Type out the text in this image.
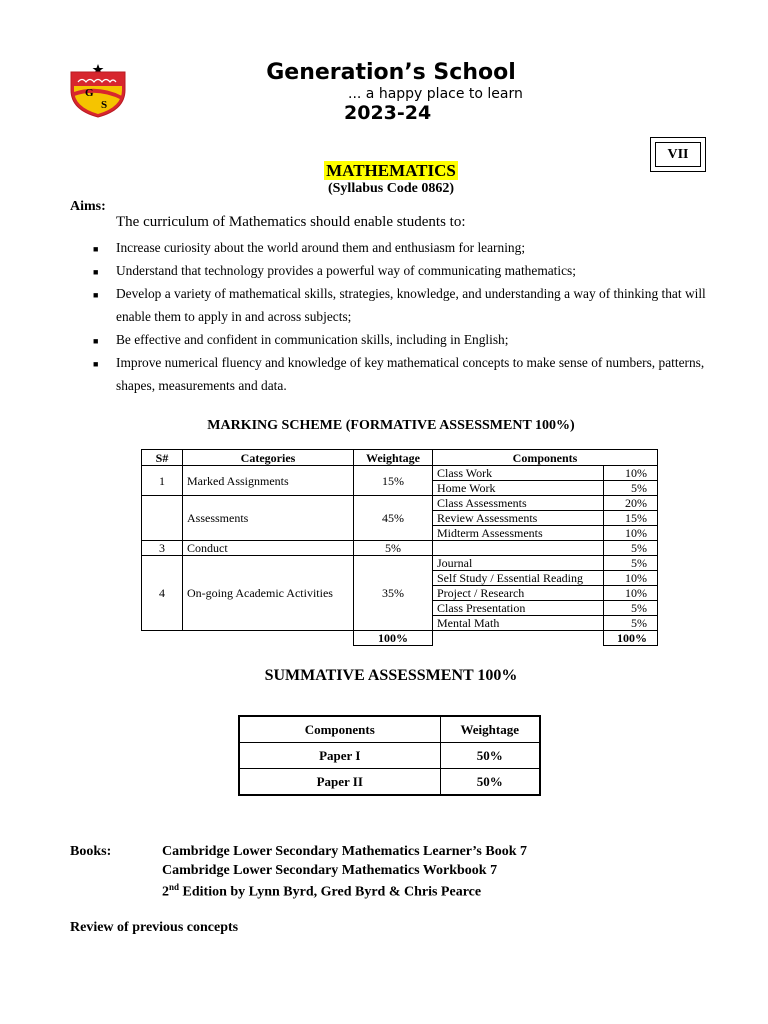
G
S
Generation’s School
... a happy place to learn
2023-24
VII
MATHEMATICS
(Syllabus Code 0862)
Aims:
The curriculum of Mathematics should enable students to:
■ Increase curiosity about the world around them and enthusiasm for learning;
■ Understand that technology provides a powerful way of communicating mathematics;
■ Develop a variety of mathematical skills, strategies, knowledge, and understanding a way of thinking that will enable them to apply in and across subjects;
■ Be effective and confident in communication skills, including in English;
■ Improve numerical fluency and knowledge of key mathematical concepts to make sense of numbers, patterns, shapes, measurements and data.
MARKING SCHEME (FORMATIVE ASSESSMENT 100%)
S#	Categories	Weightage	Components	
1	Marked Assignments	15%	Class Work	10%
			Home Work	5%
	Assessments	45%	Class Assessments	20%
			Review Assessments	15%
			Midterm Assessments	10%
3	Conduct	5%		5%
4	On-going Academic Activities	35%	Journal	5%
			Self Study / Essential Reading	10%
			Project / Research	10%
			Class Presentation	5%
			Mental Math	5%
		100%		100%
SUMMATIVE ASSESSMENT 100%
Components	Weightage
Paper I	50%
Paper II	50%
Books:	Cambridge Lower Secondary Mathematics Learner’s Book 7
Cambridge Lower Secondary Mathematics Workbook 7
2nd Edition by Lynn Byrd, Gred Byrd & Chris Pearce
Review of previous concepts
